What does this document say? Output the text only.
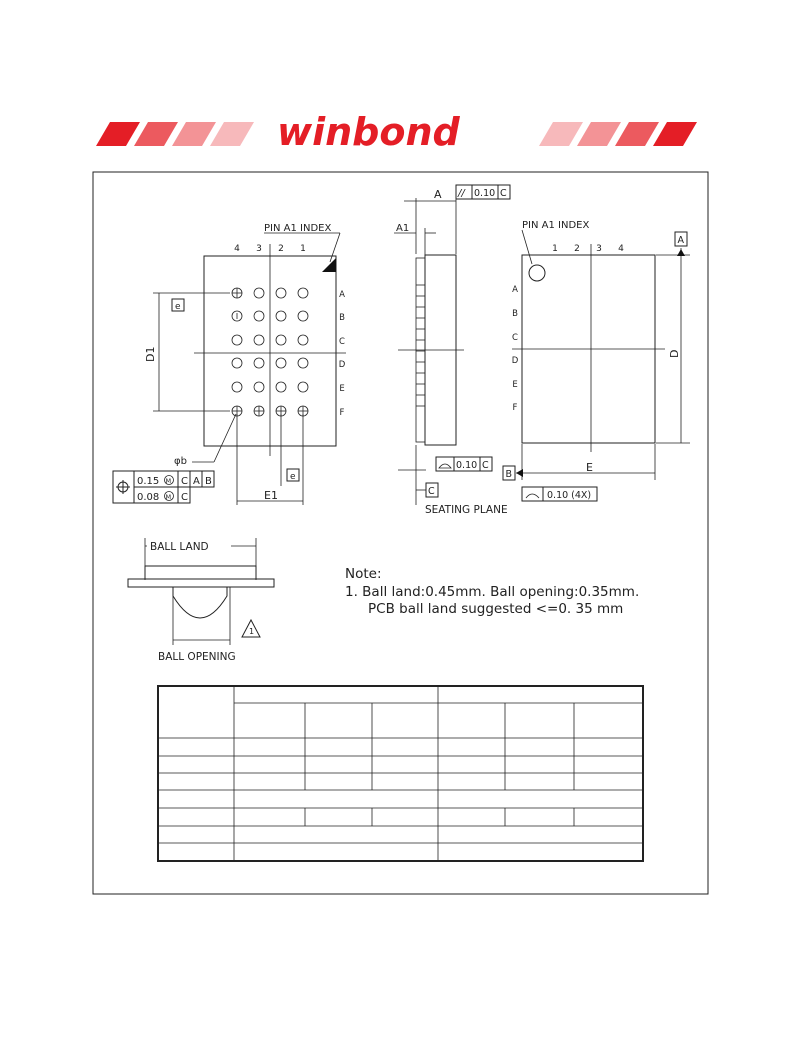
winbond
PIN A1 INDEX
4 3 2 1
A
B
C
D
E
F
D1
e
E1
e
φb
0.15 M C A B
0.08 M C
A // 0.10 C
A1
C
SEATING PLANE
0.10 C
PIN A1 INDEX
1 2 3 4
A
B
C
D
E
F
A
D
B
E
0.10 (4X)
BALL LAND
BALL OPENING
1
Note:
1. Ball land:0.45mm. Ball opening:0.35mm.
PCB ball land suggested <=0. 35 mm
